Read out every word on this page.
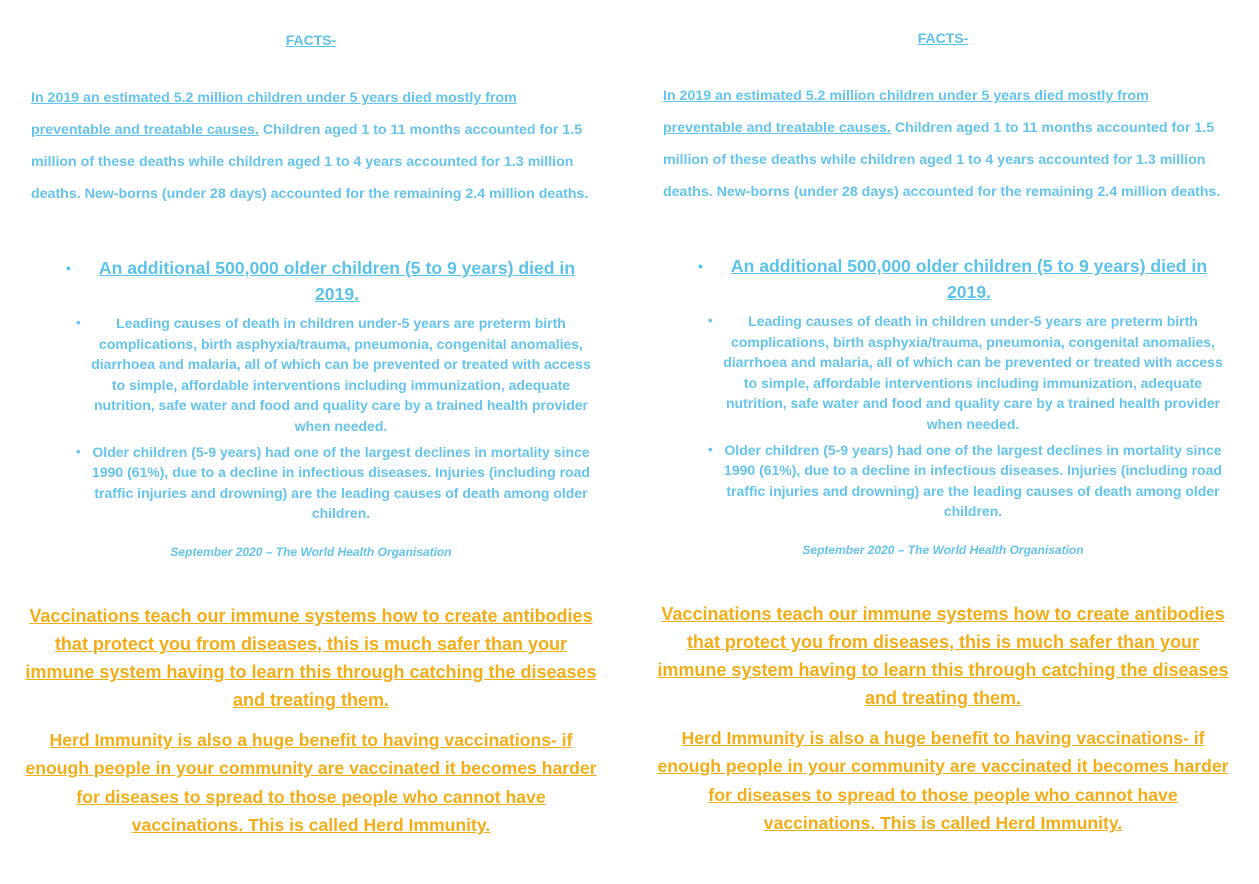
FACTS-

In 2019 an estimated 5.2 million children under 5 years died mostly from preventable and treatable causes. Children aged 1 to 11 months accounted for 1.5 million of these deaths while children aged 1 to 4 years accounted for 1.3 million deaths. New-borns (under 28 days) accounted for the remaining 2.4 million deaths.

• An additional 500,000 older children (5 to 9 years) died in 2019.
• Leading causes of death in children under-5 years are preterm birth complications, birth asphyxia/trauma, pneumonia, congenital anomalies, diarrhoea and malaria, all of which can be prevented or treated with access to simple, affordable interventions including immunization, adequate nutrition, safe water and food and quality care by a trained health provider when needed.
• Older children (5-9 years) had one of the largest declines in mortality since 1990 (61%), due to a decline in infectious diseases. Injuries (including road traffic injuries and drowning) are the leading causes of death among older children.
September 2020 – The World Health Organisation

Vaccinations teach our immune systems how to create antibodies that protect you from diseases, this is much safer than your immune system having to learn this through catching the diseases and treating them.

Herd Immunity is also a huge benefit to having vaccinations- if enough people in your community are vaccinated it becomes harder for diseases to spread to those people who cannot have vaccinations. This is called Herd Immunity.

FACTS-

In 2019 an estimated 5.2 million children under 5 years died mostly from preventable and treatable causes. Children aged 1 to 11 months accounted for 1.5 million of these deaths while children aged 1 to 4 years accounted for 1.3 million deaths. New-borns (under 28 days) accounted for the remaining 2.4 million deaths.

• An additional 500,000 older children (5 to 9 years) died in 2019.
• Leading causes of death in children under-5 years are preterm birth complications, birth asphyxia/trauma, pneumonia, congenital anomalies, diarrhoea and malaria, all of which can be prevented or treated with access to simple, affordable interventions including immunization, adequate nutrition, safe water and food and quality care by a trained health provider when needed.
• Older children (5-9 years) had one of the largest declines in mortality since 1990 (61%), due to a decline in infectious diseases. Injuries (including road traffic injuries and drowning) are the leading causes of death among older children.
September 2020 – The World Health Organisation

Vaccinations teach our immune systems how to create antibodies that protect you from diseases, this is much safer than your immune system having to learn this through catching the diseases and treating them.

Herd Immunity is also a huge benefit to having vaccinations- if enough people in your community are vaccinated it becomes harder for diseases to spread to those people who cannot have vaccinations. This is called Herd Immunity.
